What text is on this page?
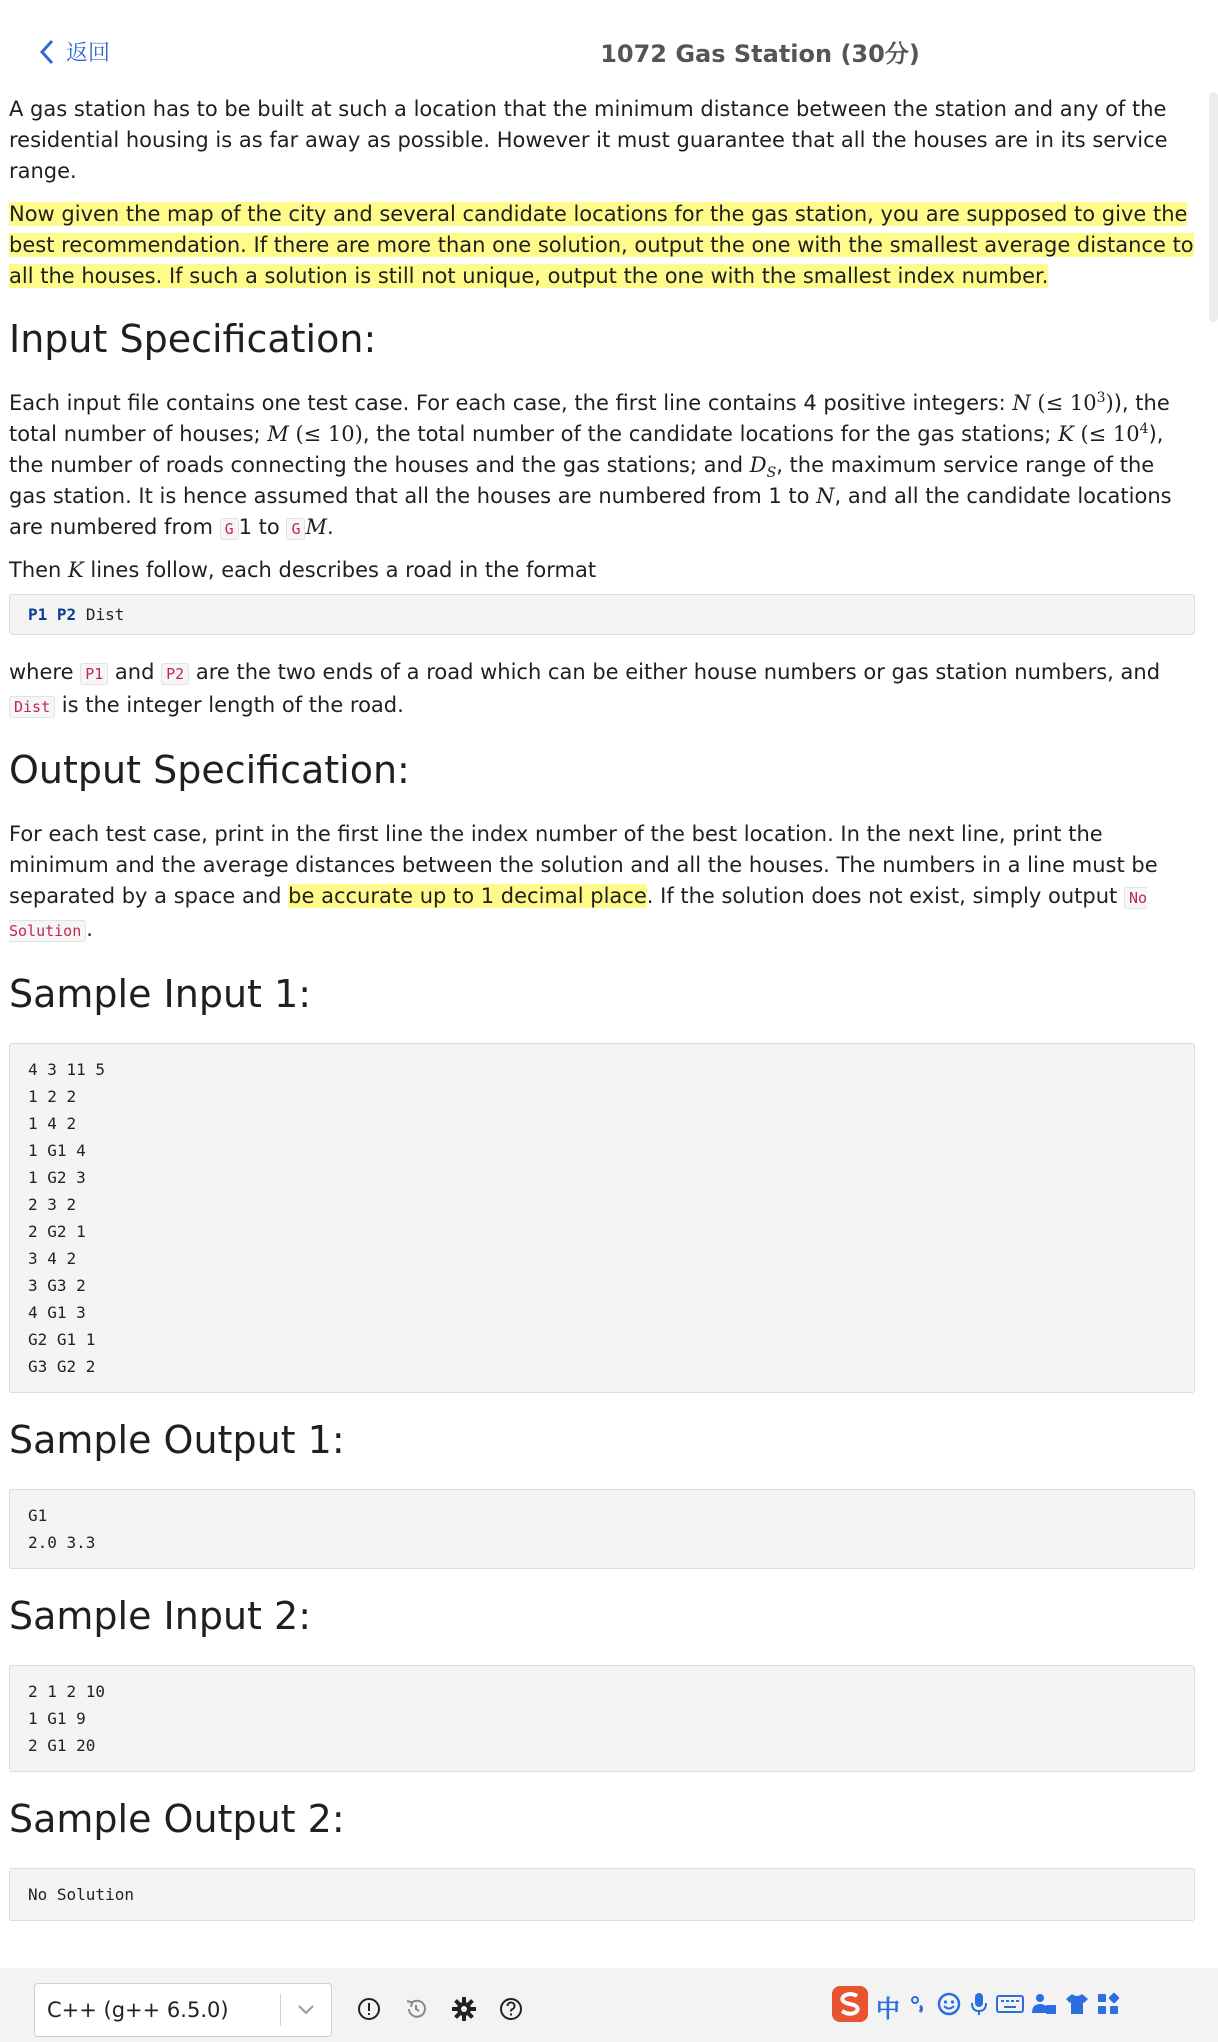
返回	1072 Gas Station (30分)

A gas station has to be built at such a location that the minimum distance between the station and any of the residential housing is as far away as possible. However it must guarantee that all the houses are in its service range.

Now given the map of the city and several candidate locations for the gas station, you are supposed to give the best recommendation. If there are more than one solution, output the one with the smallest average distance to all the houses. If such a solution is still not unique, output the one with the smallest index number.

Input Specification:

Each input file contains one test case. For each case, the first line contains 4 positive integers: N (≤ $10^3$)), the total number of houses; M (≤ 10), the total number of the candidate locations for the gas stations; K (≤ $10^4$), the number of roads connecting the houses and the gas stations; and $D_S$, the maximum service range of the gas station. It is hence assumed that all the houses are numbered from 1 to N, and all the candidate locations are numbered from G 1 to G M.

Then K lines follow, each describes a road in the format

P1 P2 Dist

where P1 and P2 are the two ends of a road which can be either house numbers or gas station numbers, and Dist is the integer length of the road.

Output Specification:

For each test case, print in the first line the index number of the best location. In the next line, print the minimum and the average distances between the solution and all the houses. The numbers in a line must be separated by a space and be accurate up to 1 decimal place. If the solution does not exist, simply output No Solution .

Sample Input 1:
4 3 11 5
1 2 2
1 4 2
1 G1 4
1 G2 3
2 3 2
2 G2 1
3 4 2
3 G3 2
4 G1 3
G2 G1 1
G3 G2 2
Sample Output 1:
G1
2.0 3.3
Sample Input 2:
2 1 2 10
1 G1 9
2 G1 20
Sample Output 2:
No Solution
C++ (g++ 6.5.0)	中
